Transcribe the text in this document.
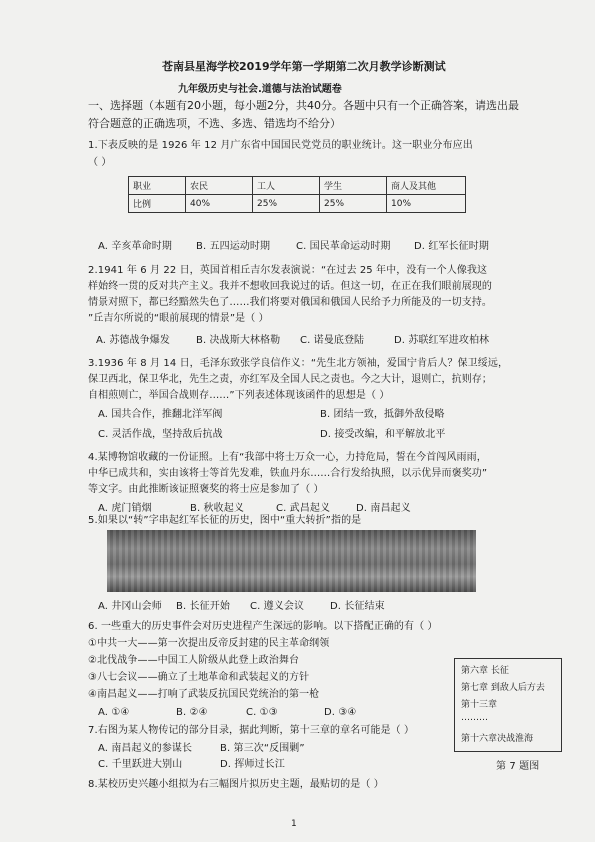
苍南县星海学校2019学年第一学期第二次月教学诊断测试
九年级历史与社会.道德与法治试题卷
一、选择题（本题有20小题，每小题2分，共40分。各题中只有一个正确答案，请选出最
符合题意的正确选项，不选、多选、错选均不给分）
1.下表反映的是 1926 年 12 月广东省中国国民党党员的职业统计。这一职业分布应出
（ ）
职业	农民	工人	学生	商人及其他
比例	40%	25%	25%	10%
A. 辛亥革命时期 B. 五四运动时期	C. 国民革命运动时期 D. 红军长征时期
2.1941 年 6 月 22 日，英国首相丘吉尔发表演说：“在过去 25 年中，没有一个人像我这
样始终一贯的反对共产主义。我并不想收回我说过的话。但这一切，在正在我们眼前展现的
情景对照下，都已经黯然失色了……我们将要对俄国和俄国人民给予力所能及的一切支持。
”丘吉尔所说的“眼前展现的情景”是（ ）
A. 苏德战争爆发	B. 决战斯大林格勒 C. 诺曼底登陆	D. 苏联红军进攻柏林
3.1936 年 8 月 14 日，毛泽东致张学良信作义：“先生北方领袖，爱国宁肯后人？保卫绥远，
保卫西北，保卫华北，先生之责，亦红军及全国人民之责也。今之大计，退则亡，抗则存；
自相煎则亡，举国合战则存……”下列表述体现该函件的思想是（ ）
A. 国共合作，推翻北洋军阀	B. 团结一致，抵御外敌侵略
C. 灵活作战，坚持敌后抗战	D. 接受改编，和平解放北平
4.某博物馆收藏的一份证照。上有“我部中将士万众一心，力持危局，誓在今首闯风雨雨，
中华已成共和，实由该将士等首先发难，铁血丹东……合行发给执照，以示优异而褒奖功”
等文字。由此推断该证照褒奖的将士应是参加了（ ）
A. 虎门销烟	B. 秋收起义	C. 武昌起义	D. 南昌起义
5.如果以“转”字串起红军长征的历史，图中“重大转折”指的是
A. 井冈山会师 B. 长征开始 C. 遵义会议	D. 长征结束
6. 一些重大的历史事件会对历史进程产生深远的影响。以下搭配正确的有（ ）
①中共一大——第一次提出反帝反封建的民主革命纲领
②北伐战争——中国工人阶级从此登上政治舞台
③八七会议——确立了土地革命和武装起义的方针
④南昌起义——打响了武装反抗国民党统治的第一枪
A. ①④	B. ②④	C. ①③	D. ③④
7.右图为某人物传记的部分目录，据此判断，第十三章的章名可能是（ ）
A. 南昌起义的参谋长	B. 第三次“反围剿”
C. 千里跃进大别山	D. 挥师过长江
第六章 长征
第七章 到敌人后方去
第十三章
………
第十六章决战淮海
第 7 题图
8.某校历史兴趣小组拟为右三幅图片拟历史主题，最贴切的是（ ）
1
